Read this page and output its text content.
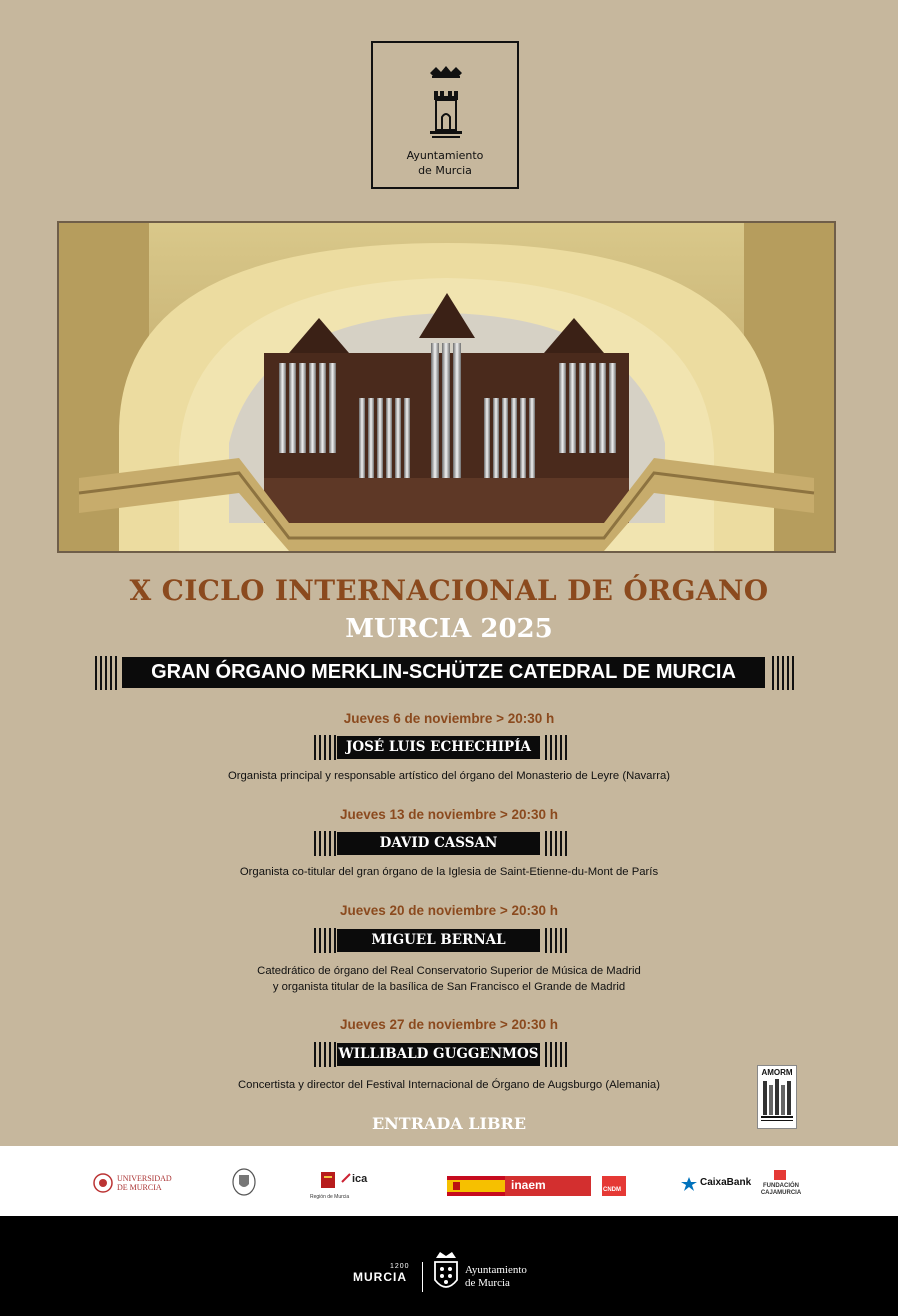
Ayuntamiento
de Murcia
X CICLO INTERNACIONAL DE ÓRGANO
MURCIA 2025
GRAN ÓRGANO MERKLIN-SCHÜTZE CATEDRAL DE MURCIA
Jueves 6 de noviembre > 20:30 h
JOSÉ LUIS ECHECHIPÍA
Organista principal y responsable artístico del órgano del Monasterio de Leyre (Navarra)
Jueves 13 de noviembre > 20:30 h
DAVID CASSAN
Organista co-titular del gran órgano de la Iglesia de Saint-Etienne-du-Mont de París
Jueves 20 de noviembre > 20:30 h
MIGUEL BERNAL
Catedrático de órgano del Real Conservatorio Superior de Música de Madrid
y organista titular de la basílica de San Francisco el Grande de Madrid
Jueves 27 de noviembre > 20:30 h
WILLIBALD GUGGENMOS
Concertista y director del Festival Internacional de Órgano de Augsburgo (Alemania)
ENTRADA LIBRE
AMORM
UNIVERSIDAD DE MURCIA
Región de Murcia
ica	inaem	CNDM
CaixaBank	FUNDACIÓN CAJAMURCIA
1200
MURCIA	Ayuntamiento
de Murcia
